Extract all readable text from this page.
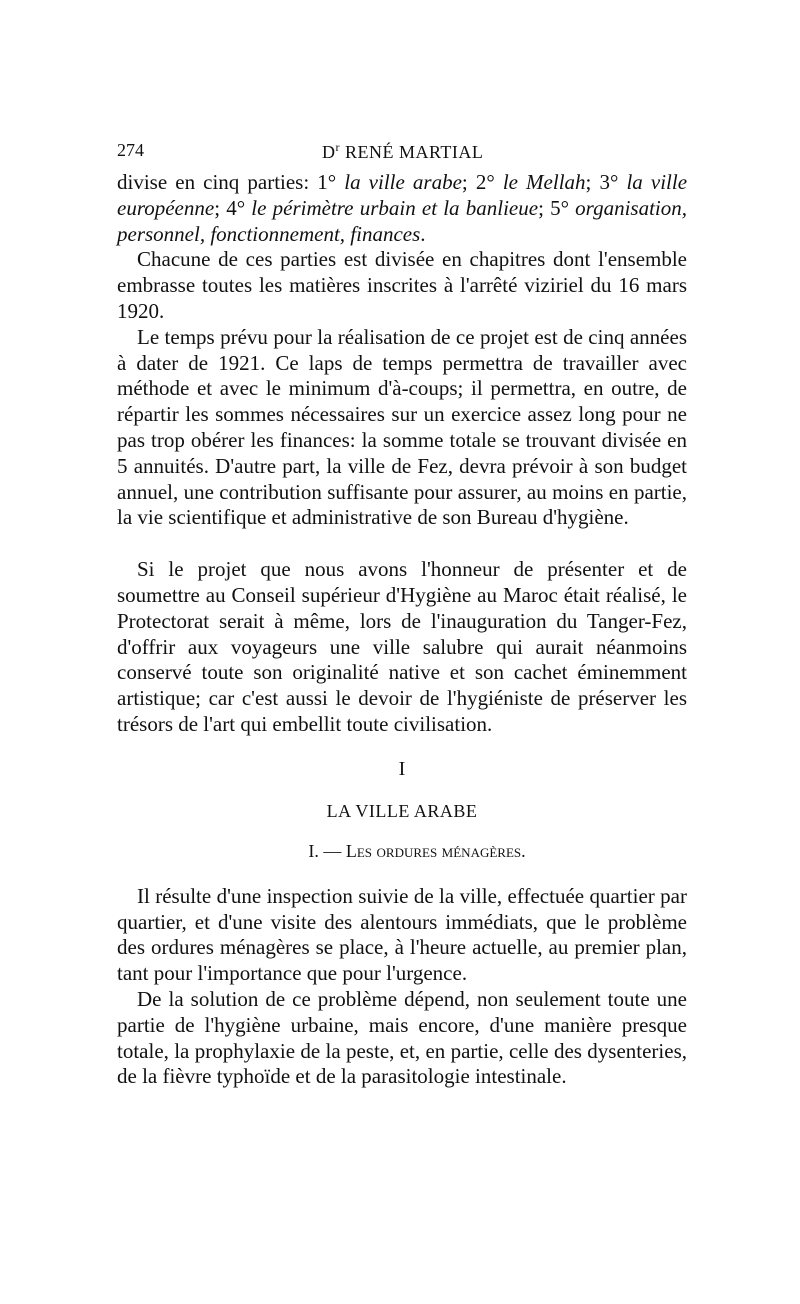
274	$D^r$ RENÉ MARTIAL

divise en cinq parties: 1° la ville arabe; 2° le Mellah; 3° la ville européenne; 4° le périmètre urbain et la banlieue; 5° organisation, personnel, fonctionnement, finances.

Chacune de ces parties est divisée en chapitres dont l'ensemble embrasse toutes les matières inscrites à l'arrêté viziriel du 16 mars 1920.

Le temps prévu pour la réalisation de ce projet est de cinq années à dater de 1921. Ce laps de temps permettra de travailler avec méthode et avec le minimum d'à-coups; il permettra, en outre, de répartir les sommes nécessaires sur un exercice assez long pour ne pas trop obérer les finances: la somme totale se trouvant divisée en 5 annuités. D'autre part, la ville de Fez, devra prévoir à son budget annuel, une contribution suffisante pour assurer, au moins en partie, la vie scientifique et administrative de son Bureau d'hygiène.

Si le projet que nous avons l'honneur de présenter et de soumettre au Conseil supérieur d'Hygiène au Maroc était réalisé, le Protectorat serait à même, lors de l'inauguration du Tanger-Fez, d'offrir aux voyageurs une ville salubre qui aurait néanmoins conservé toute son originalité native et son cachet éminemment artistique; car c'est aussi le devoir de l'hygiéniste de préserver les trésors de l'art qui embellit toute civilisation.

I
LA VILLE ARABE
I. — Les ordures ménagères.

Il résulte d'une inspection suivie de la ville, effectuée quartier par quartier, et d'une visite des alentours immédiats, que le problème des ordures ménagères se place, à l'heure actuelle, au premier plan, tant pour l'importance que pour l'urgence.

De la solution de ce problème dépend, non seulement toute une partie de l'hygiène urbaine, mais encore, d'une manière presque totale, la prophylaxie de la peste, et, en partie, celle des dysenteries, de la fièvre typhoïde et de la parasitologie intestinale.
